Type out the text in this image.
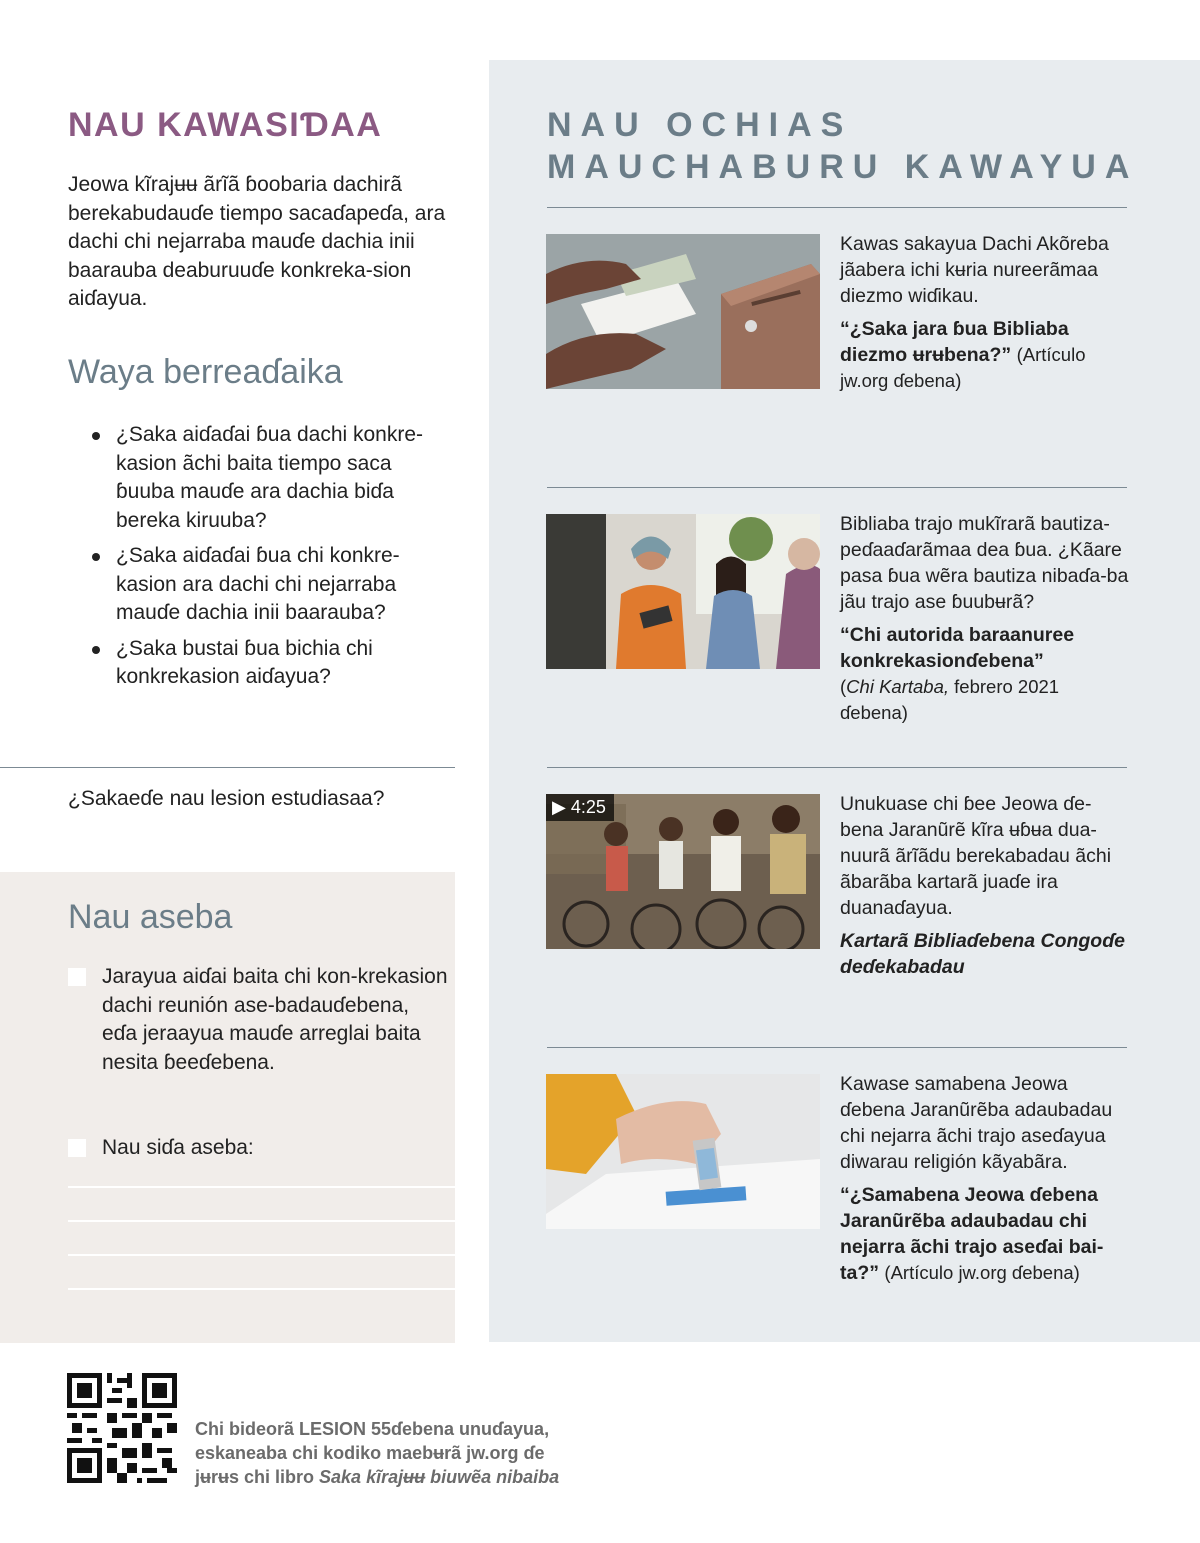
NAU OCHIAS
MAUCHABURU KAWAYUA

Kawas sakayua Dachi Akõreba jãabera ichi kʉria nureerãmaa diezmo wiɗikau.

“¿Saka jara ɓua Bibliaba diezmo ʉrʉbena?” (Artículo jw.org ɗebena)

Bibliaba trajo mukĩrarã bautiza-peɗaaɗarãmaa dea ɓua. ¿Kãare pasa ɓua wẽra bautiza nibaɗa-ba jãu trajo ase ɓuubʉrã?

“Chi autorida baraanuree konkrekasionɗebena”
(Chi Kartaba, febrero 2021 ɗebena)

▶ 4:25	Unukuase chi ɓee Jeowa ɗe-bena Jaranũrẽ kĩra ʉɓʉa dua-nuurã ãrĩãdu berekabadau ãchi ãbarãba kartarã juaɗe ira duanaɗayua.

Kartarã Bibliaɗebena Congoɗe deɗekabadau

Kawase samabena Jeowa ɗebena Jaranũrẽba adaubadau chi nejarra ãchi trajo aseɗayua diwarau religión kãyabãra.

“¿Samabena Jeowa ɗebena Jaranũrẽba adaubadau chi nejarra ãchi trajo aseɗai bai-ta?” (Artículo jw.org ɗebena)

NAU KAWASIƊAA

Jeowa kĩrajʉʉ ãrĩã ɓoobaria dachirã berekabudauɗe tiempo sacaɗapeɗa, ara dachi chi nejarraba mauɗe dachia inii baarauba deaburuuɗe konkreka-sion aiɗayua.

Waya berreaɗaika
¿Saka aiɗaɗai ɓua dachi konkre-kasion ãchi baita tiempo saca ɓuuba mauɗe ara dachia biɗa bereka kiruuba?
¿Saka aiɗaɗai ɓua chi konkre-kasion ara dachi chi nejarraba mauɗe dachia inii baarauba?
¿Saka bustai ɓua bichia chi konkrekasion aiɗayua?
¿Sakaeɗe nau lesion estudiasaa?
Nau aseba
Jarayua aiɗai baita chi kon-krekasion dachi reunión ase-badauɗebena, eɗa jeraayua mauɗe arreglai baita nesita ɓeeɗebena.
Nau siɗa aseba:
Chi bideorã LESION 55ɗebena unuɗayua,
eskaneaba chi kodiko maebʉrã jw.org ɗe
jʉrʉs chi libro Saka kĩrajʉʉ biuwẽa nibaiba
